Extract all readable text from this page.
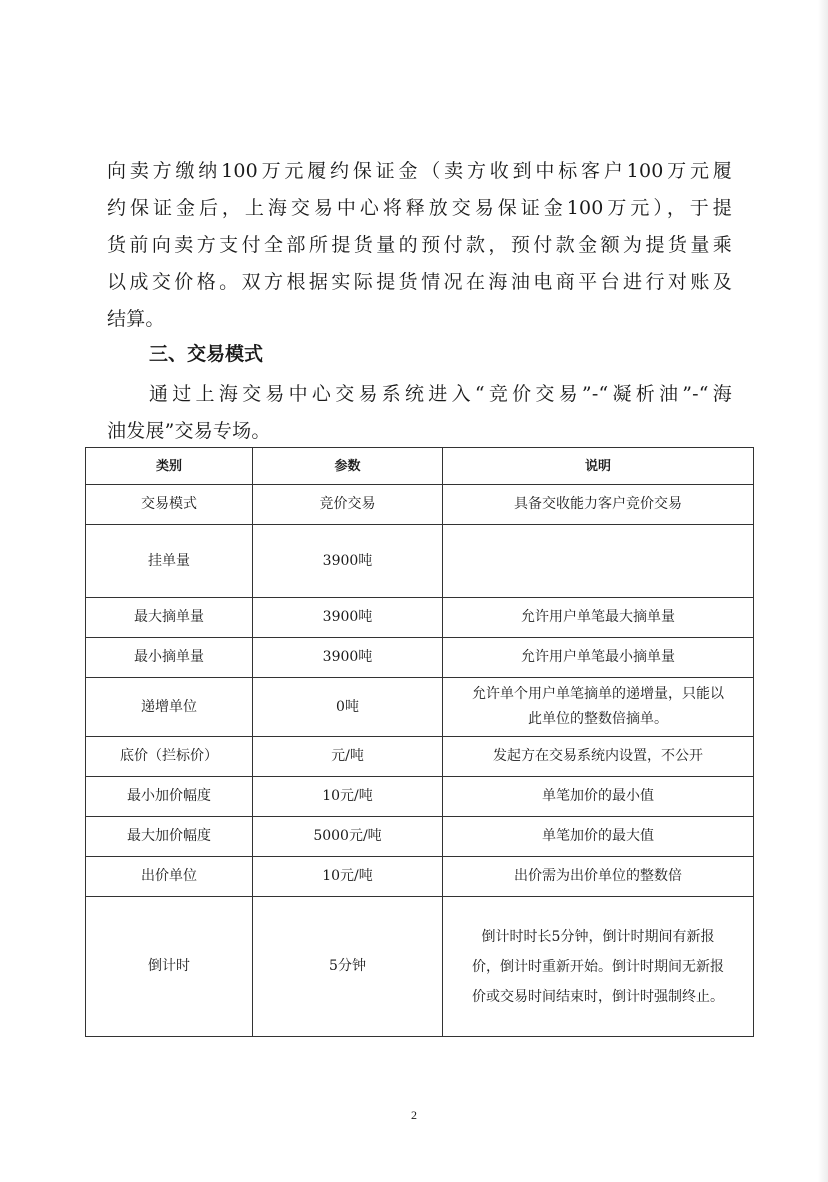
向卖方缴纳100万元履约保证金（卖方收到中标客户100万元履
约保证金后，上海交易中心将释放交易保证金100万元），于提
货前向卖方支付全部所提货量的预付款，预付款金额为提货量乘
以成交价格。双方根据实际提货情况在海油电商平台进行对账及
结算。
三、交易模式
通过上海交易中心交易系统进入“竞价交易”-“凝析油”-“海
油发展”交易专场。
类别	参数	说明
交易模式	竞价交易	具备交收能力客户竞价交易
挂单量	3900吨	
最大摘单量	3900吨	允许用户单笔最大摘单量
最小摘单量	3900吨	允许用户单笔最小摘单量
递增单位	0吨	允许单个用户单笔摘单的递增量，只能以
此单位的整数倍摘单。

底价（拦标价）	元/吨	发起方在交易系统内设置，不公开
最小加价幅度	10元/吨	单笔加价的最小值
最大加价幅度	5000元/吨	单笔加价的最大值
出价单位	10元/吨	出价需为出价单位的整数倍
倒计时	5分钟	倒计时时长5分钟，倒计时期间有新报
价，倒计时重新开始。倒计时期间无新报
价或交易时间结束时，倒计时强制终止。
2
